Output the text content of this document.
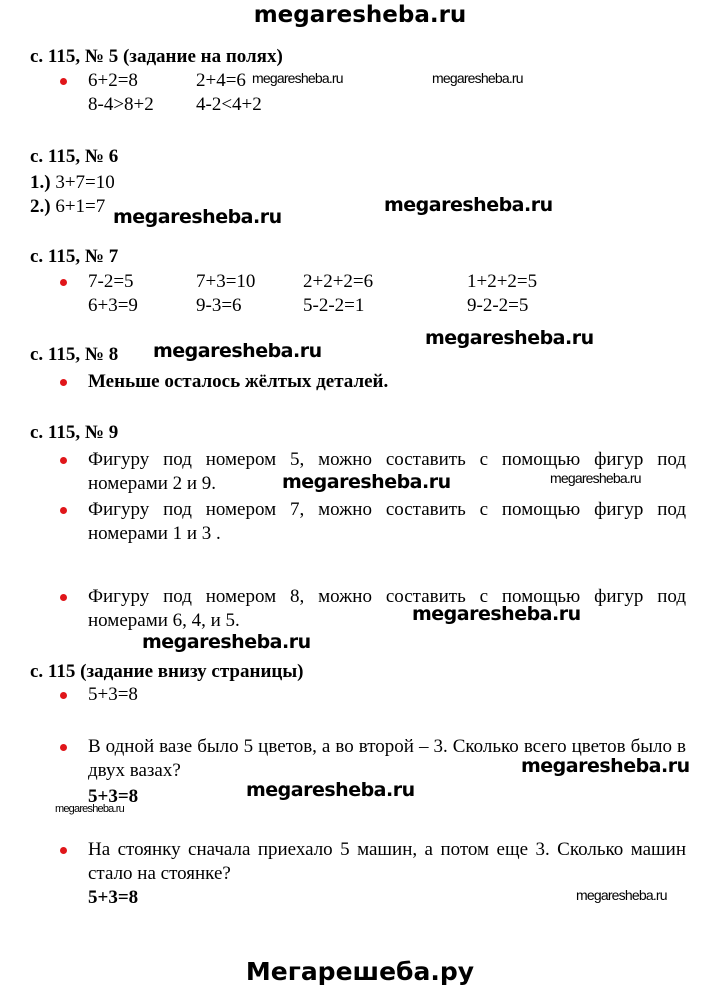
megaresheba.ru
с. 115, № 5 (задание на полях)
6+2=8	2+4=6
8-4>8+2 4-2<4+2
megaresheba.ru	megaresheba.ru
с. 115, № 6
1.) 3+7=10
2.) 6+1=7 megaresheba.ru
megaresheba.ru
с. 115, № 7
7-2=5	7+3=10	2+2+2=6	1+2+2=5
6+3=9	9-3=6	5-2-2=1	9-2-2=5
с. 115, № 8 megaresheba.ru
megaresheba.ru
Меньше осталось жёлтых деталей.
с. 115, № 9
Фигуру под номером 5, можно составить с помощью фигур под номерами 2 и 9.	megaresheba.ru	megaresheba.ru
Фигуру под номером 7, можно составить с помощью фигур под номерами 1 и 3 .
Фигуру под номером 8, можно составить с помощью фигур под номерами 6, 4, и 5.	megaresheba.ru
megaresheba.ru
с. 115 (задание внизу страницы)
5+3=8
В одной вазе было 5 цветов, а во второй – 3. Сколько всего цветов было в двух вазах?	megaresheba.ru
5+3=8	megaresheba.ru
megaresheba.ru
На стоянку сначала приехало 5 машин, а потом еще 3. Сколько машин стало на стоянке?
5+3=8	megaresheba.ru
Мегарешеба.ру
